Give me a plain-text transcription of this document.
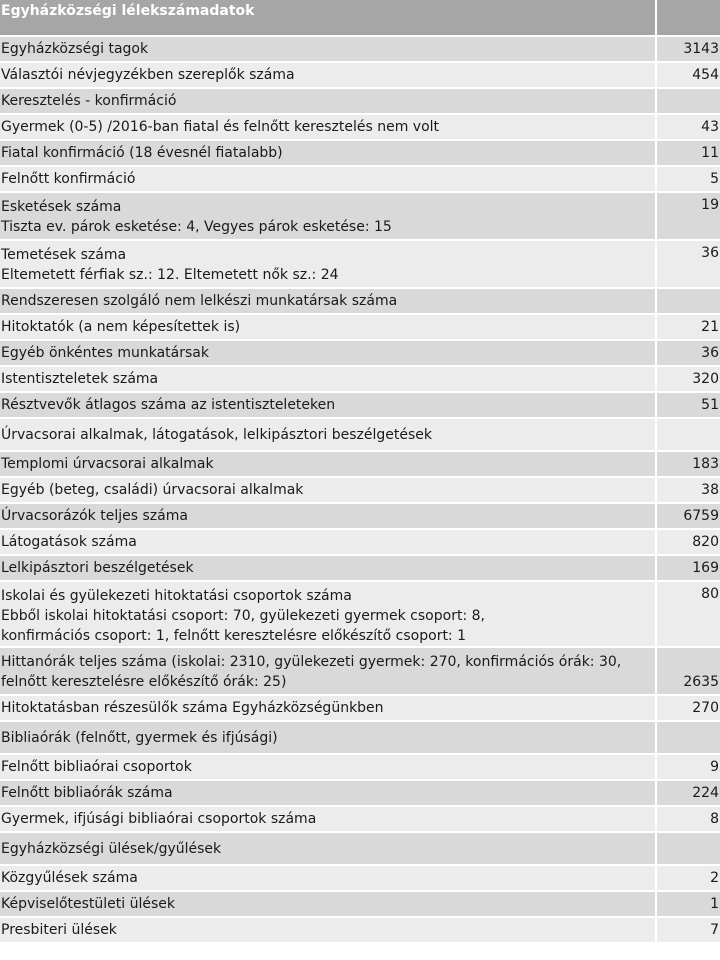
Egyházközségi lélekszámadatok	
Egyházközségi tagok	3143
Választói névjegyzékben szereplők száma	454
Keresztelés - konfirmáció	
Gyermek (0-5) /2016-ban fiatal és felnőtt keresztelés nem volt	43
Fiatal konfirmáció (18 évesnél fiatalabb)	11
Felnőtt konfirmáció	5

Esketések száma
Tiszta ev. párok esketése: 4, Vegyes párok esketése: 15	19

Temetések száma
Eltemetett férfiak sz.: 12. Eltemetett nők sz.: 24	36
Rendszeresen szolgáló nem lelkészi munkatársak száma	
Hitoktatók (a nem képesítettek is)	21
Egyéb önkéntes munkatársak	36
Istentiszteletek száma	320
Résztvevők átlagos száma az istentiszteleteken	51
Úrvacsorai alkalmak, látogatások, lelkipásztori beszélgetések	
Templomi úrvacsorai alkalmak	183
Egyéb (beteg, családi) úrvacsorai alkalmak	38
Úrvacsorázók teljes száma	6759
Látogatások száma	820
Lelkipásztori beszélgetések	169

Iskolai és gyülekezeti hitoktatási csoportok száma
Ebből iskolai hitoktatási csoport: 70, gyülekezeti gyermek csoport: 8,
konfirmációs csoport: 1, felnőtt keresztelésre előkészítő csoport: 1	80

Hittanórák teljes száma (iskolai: 2310, gyülekezeti gyermek: 270, konfirmációs órák: 30,
felnőtt keresztelésre előkészítő órák: 25)	2635
Hitoktatásban részesülők száma Egyházközségünkben	270
Bibliaórák (felnőtt, gyermek és ifjúsági)	
Felnőtt bibliaórai csoportok	9
Felnőtt bibliaórák száma	224
Gyermek, ifjúsági bibliaórai csoportok száma	8
Egyházközségi ülések/gyűlések	
Közgyűlések száma	2
Képviselőtestületi ülések	1
Presbiteri ülések	7
